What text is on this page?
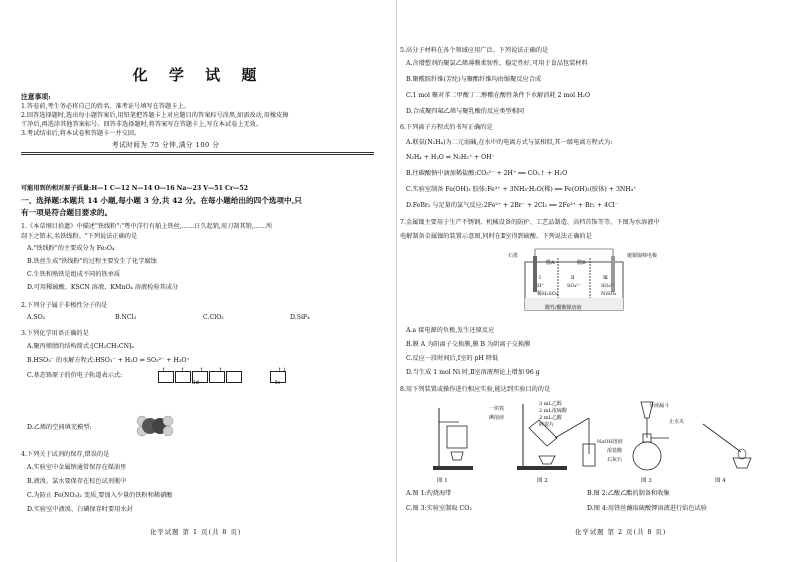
化 学 试 题
注意事项:
1.答卷前,考生务必将自己的姓名、准考证号填写在答题卡上。
2.回答选择题时,选出每小题答案后,用铅笔把答题卡上对应题目的答案标号涂黑,如需改动,用橡皮擦
干净后,再选涂其他答案标号。回答非选择题时,将答案写在答题卡上,写在本试卷上无效。
3.考试结束后,将本试卷和答题卡一并交回。
考试时间为 75 分钟,满分 100 分
可能用到的相对原子质量:H—1 C—12 N—14 O—16 Na—23 V—51 Cr—52
一、选择题:本题共 14 小题,每小题 3 分,共 42 分。在每小题给出的四个选项中,只
有一项是符合题目要求的。
1.《本草纲目拾遗》中描述"铁线粉":"粤中洋行有舶上铁丝,……日久起销,用刀刮其销,……所
刮下之销末,名铁线粉。"下列说法正确的是
A."铁线粉"的主要成分为 Fe₃O₄
B.铁丝生成"铁线粉"的过程主要发生了化学腐蚀
C.生铁和熟铁是组成不同的铁单质
D.可用稀硫酸、KSCN 溶液、KMnO₄ 溶液检验其成分
2.下列分子属于非极性分子的是
A.SO₂	B.NCl₃	C.ClO₂	D.SiF₄
3.下列化学用语正确的是
A.聚丙烯腈的结构简式:⁅CH₂CH₂CN⁆ₙ
B.HSO₃⁻ 的水解方程式:HSO₃⁻ + H₂O ⇌ SO₃²⁻ + H₃O⁺
C.基态铬原子的价电子轨道表示式:

↑ ↑ ↑ ↑	↑↓
3d	4s
D.乙烯的空间填充模型:
4.下列关于试剂的保存,错误的是
A.实验室中金属钠通常保存在煤油里
B.液溴、氯水要保存在棕色试剂瓶中
C.为防止 Fe(NO₃)₂ 变质,要加入少量的铁粉和稀硝酸
D.实验室中液溴、白磷保存时要用水封
化学试题 第 1 页(共 8 页)
5.高分子材料在各个领域应用广泛。下列说法正确的是
A.含增塑剂的聚氯乙烯薄膜柔韧性、稳定性好,可用于食品包装材料
B.聚酰胺纤维(芳纶)与聚酯纤维均由缩聚反应合成
C.1 mol 聚对苯二甲酸丁二醇酯在酸性条件下水解消耗 2 mol H₂O
D.合成聚四氟乙烯与聚乳酸的反应类型相同
6.下列离子方程式的书写正确的是
A.联氨(N₂H₄)为二元弱碱,在水中的电离方式与氨相似,其一级电离方程式为:
N₂H₄ + H₂O ⇌ N₂H₅⁺ + OH⁻
B.往碳酸钠中滴加稀盐酸:CO₃²⁻ + 2H⁺ ══ CO₂↑ + H₂O
C.实验室制备 Fe(OH)₃ 胶体:Fe³⁺ + 3NH₃·H₂O(稀) ══ Fe(OH)₃(胶体) + 3NH₄⁺
D.FeBr₂ 与足量的氯气反应:2Fe²⁺ + 2Br⁻ + 2Cl₂ ══ 2Fe³⁺ + Br₂ + 4Cl⁻
7.金属镍主要用于生产不锈钢、机械设备的防护、工艺品制造、高档首饰等等。下图为水溶液中
电解制备金属镍的装置示意图,同时在Ⅱ室得到硫酸。下列说法正确的是
石墨
膜A	膜B
镀铜镍棒电极
Ⅰ	Ⅱ	Ⅲ
H⁺	SO₄²⁻	SO₄²⁻
稀H₂SO₄	NiSO₄
酸性/醋酸镍溶液
A.a 接电源的负极,发生还原反应
B.膜 A 为阳离子交换膜,膜 B 为阴离子交换膜
C.反应一段时间后,Ⅰ室的 pH 降低
D.当生成 1 mol Ni 时,Ⅱ室溶液理论上增加 96 g
8.用下列装置或操作进行相应实验,能达到实验目的的是
一块铁
碘溶液
3 mL乙醇
2 mL浓硫酸
2 mL乙酸
碎瓷片
NaOH溶液
分液漏斗
止水夹
浓盐酸
石灰石
图 1	图 2	图 3	图 4
A.图 1:灼烧海带	B.图 2:乙酸乙酯的制备和收集
C.图 3:实验室制取 CO₂	D.图 4:用铁丝蘸取硫酸钾溶液进行焰色试验
化学试题 第 2 页(共 8 页)
